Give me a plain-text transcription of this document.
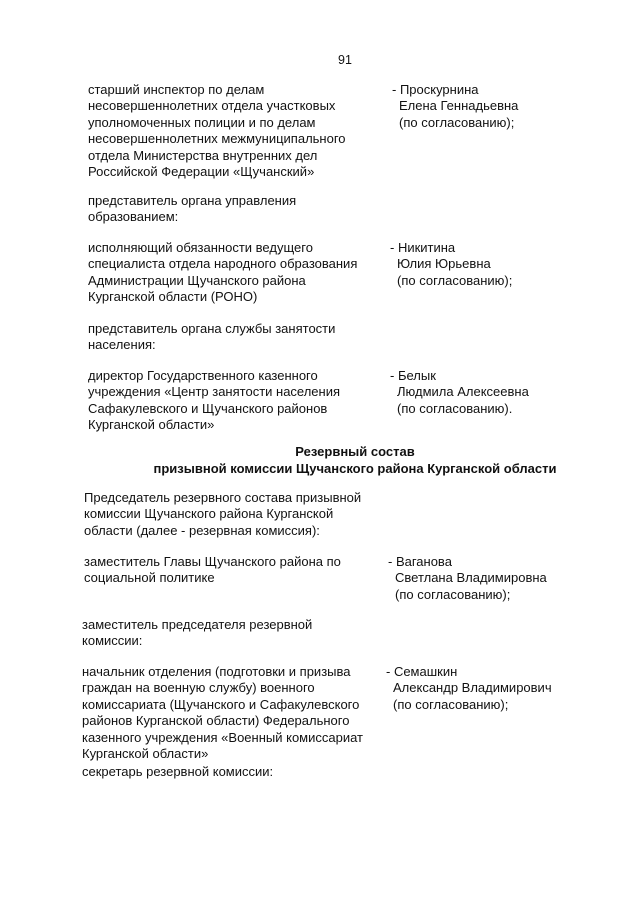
91
Резервный состав
призывной комиссии Щучанского района Курганской области
старший инспектор по делам
несовершеннолетних отдела участковых
уполномоченных полиции и по делам
несовершеннолетних межмуниципального
отдела Министерства внутренних дел
Российской Федерации «Щучанский»
- Проскурнина
Елена Геннадьевна
(по согласованию);
представитель органа управления
образованием:
исполняющий обязанности ведущего
специалиста отдела народного образования
Администрации Щучанского района
Курганской области (РОНО)
- Никитина
Юлия Юрьевна
(по согласованию);
представитель органа службы занятости
населения:
директор Государственного казенного
учреждения «Центр занятости населения
Сафакулевского и Щучанского районов
Курганской области»
- Белык
Людмила Алексеевна
(по согласованию).
Председатель резервного состава призывной
комиссии Щучанского района Курганской
области (далее - резервная комиссия):
заместитель Главы Щучанского района по
социальной политике
- Ваганова
Светлана Владимировна
(по согласованию);
заместитель председателя резервной
комиссии:
начальник отделения (подготовки и призыва
граждан на военную службу) военного
комиссариата (Щучанского и Сафакулевского
районов Курганской области) Федерального
казенного учреждения «Военный комиссариат
Курганской области»
- Семашкин
Александр Владимирович
(по согласованию);
секретарь резервной комиссии:
